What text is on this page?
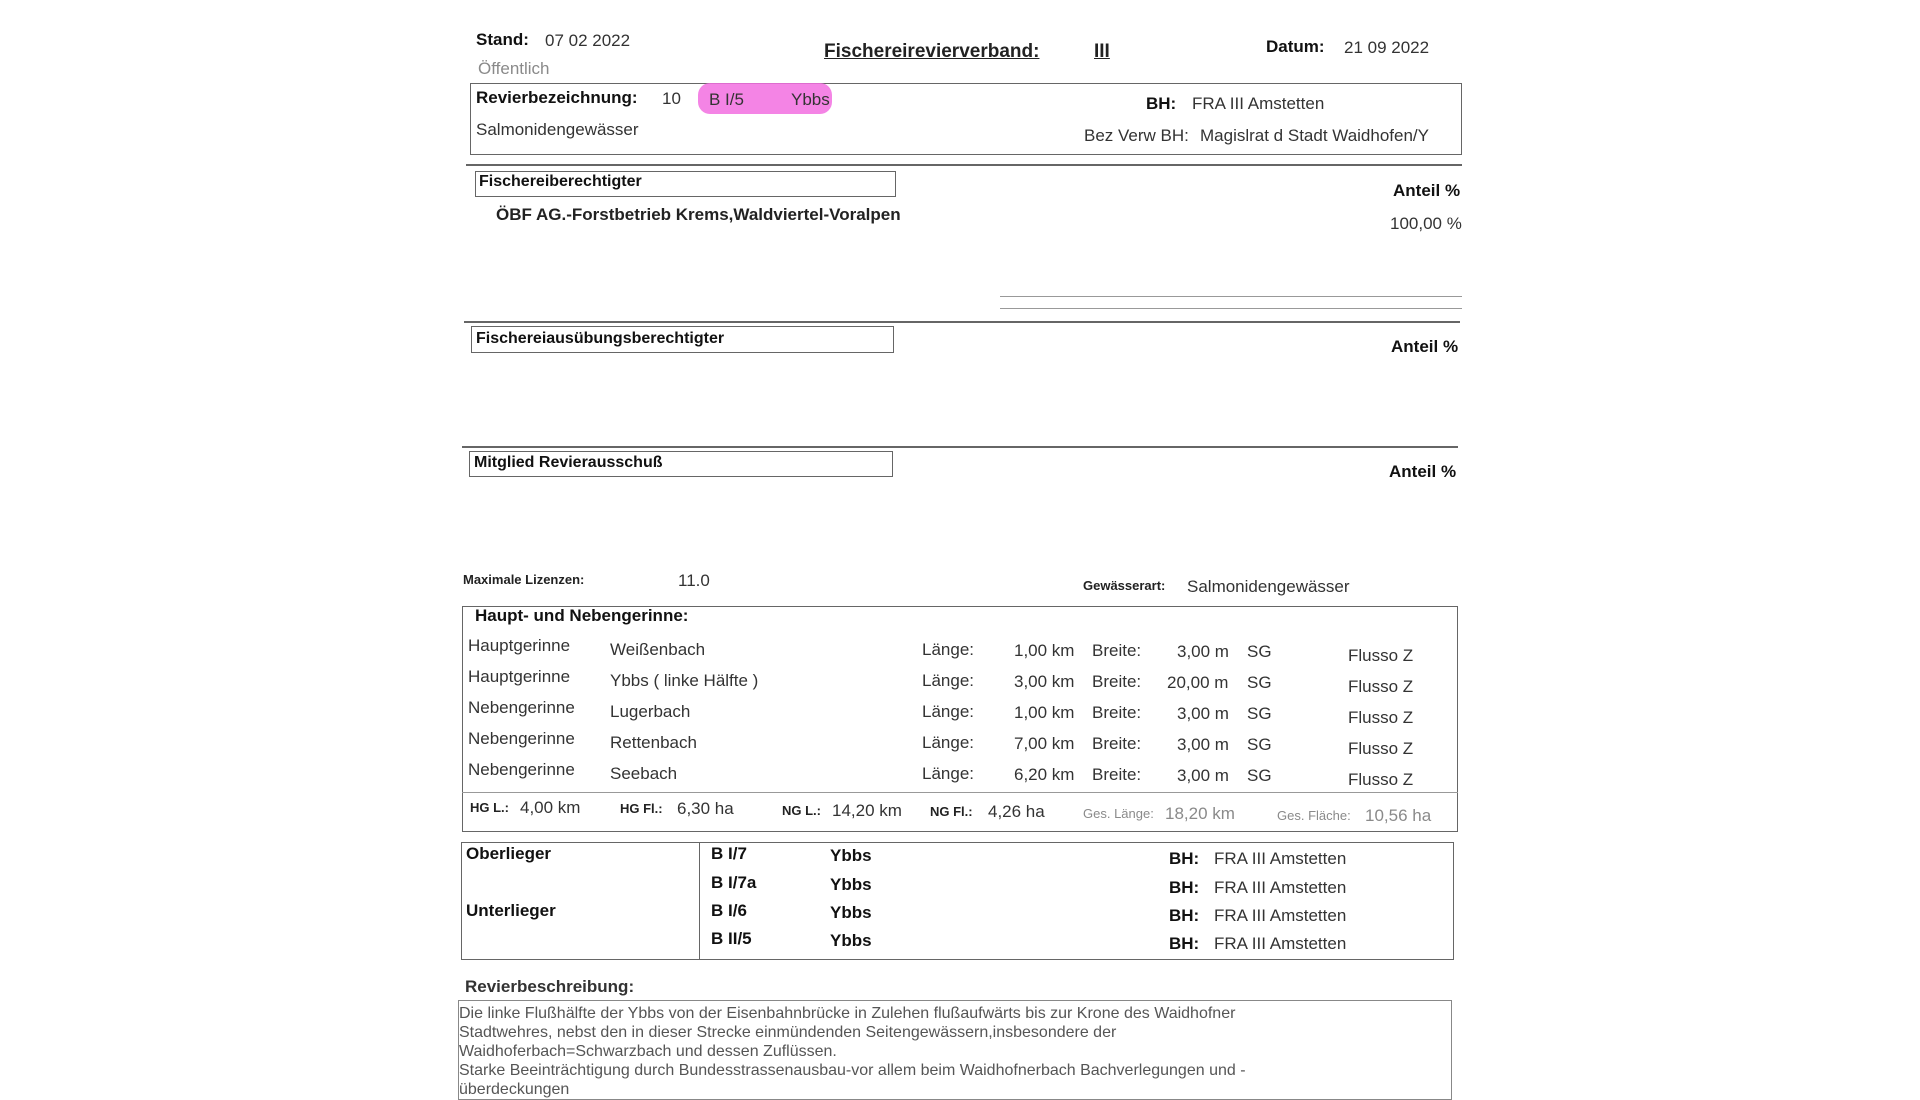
Stand: 07 02 2022
Öffentlich
Fischereirevierverband:	III	Datum: 21 09 2022
Revierbezeichnung: 10 B I/5	Ybbs	BH: FRA III Amstetten
Salmonidengewässer	Bez Verw BH: Magislrat d Stadt Waidhofen/Y
Fischereiberechtigter	Anteil %
ÖBF AG.-Forstbetrieb Krems,Waldviertel-Voralpen	100,00 %
Fischereiausübungsberechtigter	Anteil %
Mitglied Revierausschuß	Anteil %
Maximale Lizenzen:	11.0	Gewässerart: Salmonidengewässer
Haupt- und Nebengerinne:
Hauptgerinne Weißenbach	Länge: 1,00 km Breite: 3,00 m SG	Flusso Z
Hauptgerinne Ybbs ( linke Hälfte )	Länge: 3,00 km Breite: 20,00 m SG	Flusso Z
Nebengerinne Lugerbach	Länge: 1,00 km Breite: 3,00 m SG	Flusso Z
Nebengerinne Rettenbach	Länge: 7,00 km Breite: 3,00 m SG	Flusso Z
Nebengerinne Seebach	Länge: 6,20 km Breite: 3,00 m SG	Flusso Z
HG L.: 4,00 km	HG Fl.: 6,30 ha	NG L.: 14,20 km NG Fl.: 4,26 ha	Ges. Länge: 18,20 km	Ges. Fläche: 10,56 ha
Oberlieger
Unterlieger
B I/7	Ybbs	BH: FRA III Amstetten
B I/7a	Ybbs	BH: FRA III Amstetten
B I/6	Ybbs	BH: FRA III Amstetten
B II/5	Ybbs	BH: FRA III Amstetten
Revierbeschreibung:
Die linke Flußhälfte der Ybbs von der Eisenbahnbrücke in Zulehen flußaufwärts bis zur Krone des Waidhofner
Stadtwehres, nebst den in dieser Strecke einmündenden Seitengewässern,insbesondere der
Waidhoferbach=Schwarzbach und dessen Zuflüssen.
Starke Beeinträchtigung durch Bundesstrassenausbau-vor allem beim Waidhofnerbach Bachverlegungen und -
überdeckungen
